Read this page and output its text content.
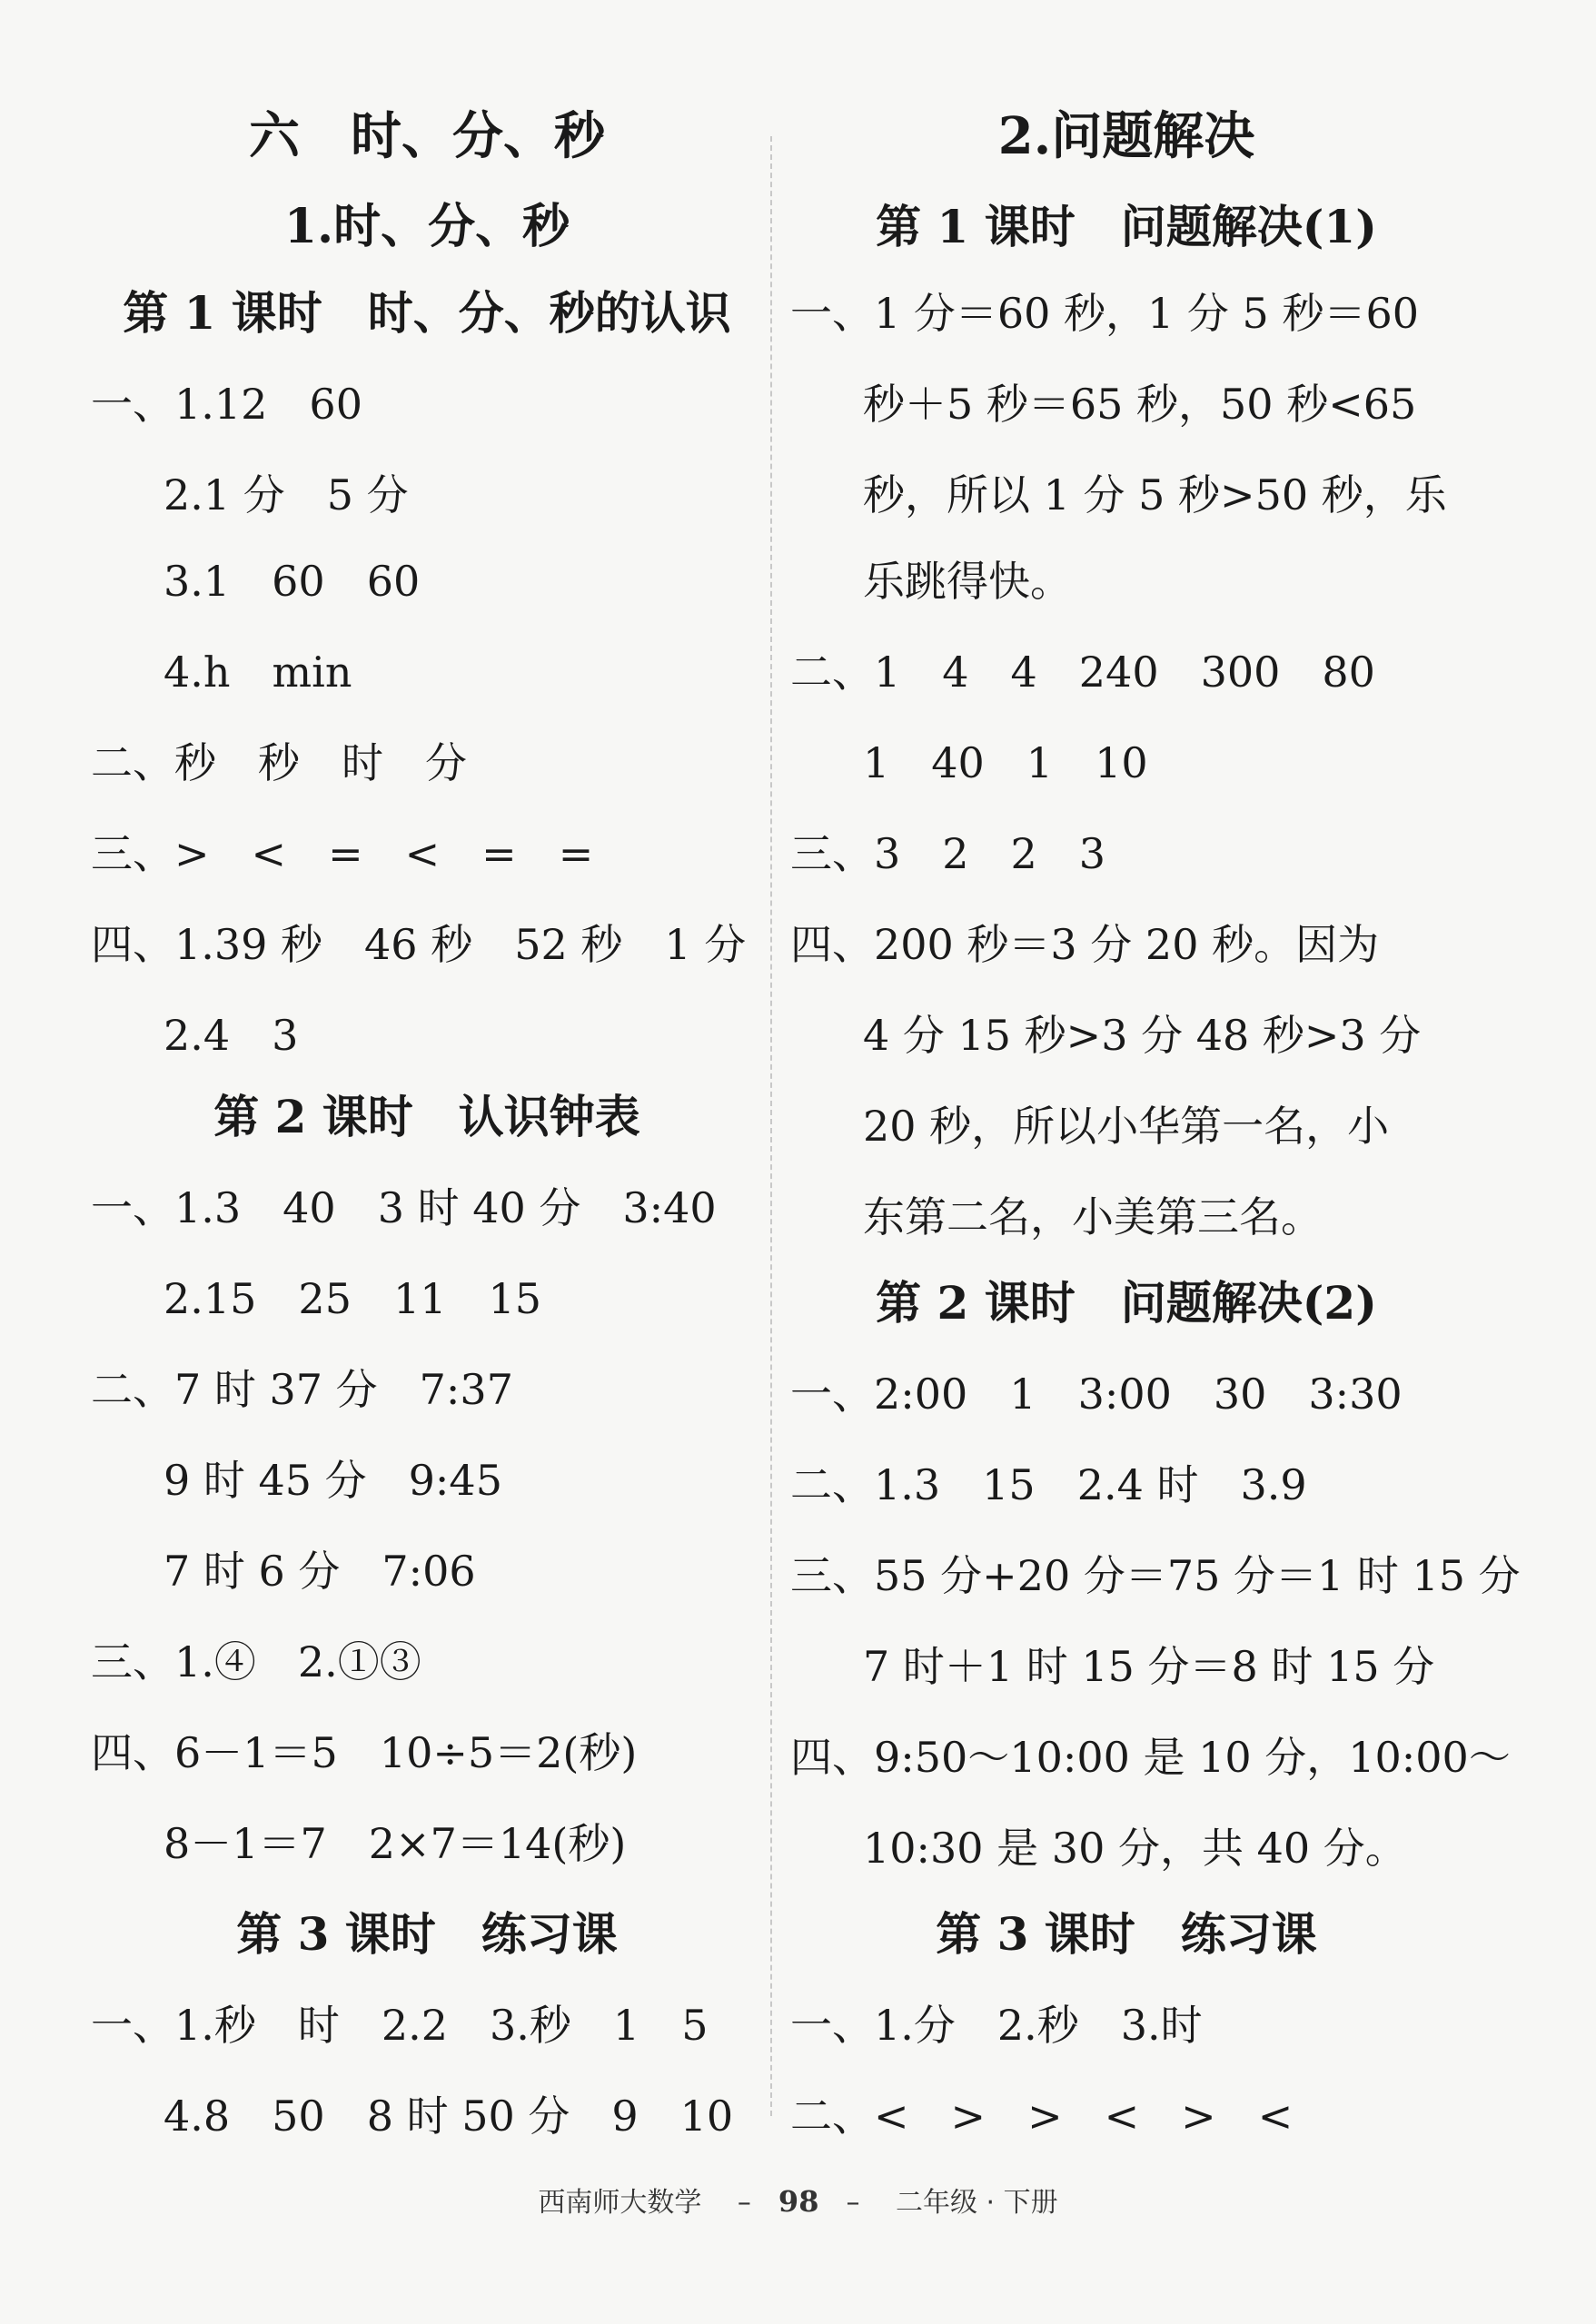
六　时、分、秒
1.时、分、秒
第 1 课时　时、分、秒的认识
一、1.12　60
2.1 分　5 分
3.1　60　60
4.h　min
二、秒　秒　时　分
三、>　<　=　<　=　=
四、1.39 秒　46 秒　52 秒　1 分
2.4　3
第 2 课时　认识钟表
一、1.3　40　3 时 40 分　3:40
2.15　25　11　15
二、7 时 37 分　7:37
9 时 45 分　9:45
7 时 6 分　7:06
三、1.④　2.①③
四、6－1＝5　10÷5＝2(秒)
8－1＝7　2×7＝14(秒)
第 3 课时　练习课
一、1.秒　时　2.2　3.秒　1　5
4.8　50　8 时 50 分　9　10
2.问题解决
第 1 课时　问题解决(1)
一、1 分＝60 秒，1 分 5 秒＝60
秒＋5 秒＝65 秒，50 秒<65
秒，所以 1 分 5 秒>50 秒，乐
乐跳得快。
二、1　4　4　240　300　80
1　40　1　10
三、3　2　2　3
四、200 秒＝3 分 20 秒。因为
4 分 15 秒>3 分 48 秒>3 分
20 秒，所以小华第一名，小
东第二名，小美第三名。
第 2 课时　问题解决(2)
一、2:00　1　3:00　30　3:30
二、1.3　15　2.4 时　3.9
三、55 分+20 分＝75 分＝1 时 15 分
7 时＋1 时 15 分＝8 时 15 分
四、9:50～10:00 是 10 分，10:00～
10:30 是 30 分，共 40 分。
第 3 课时　练习课
一、1.分　2.秒　3.时
二、<　>　>　<　>　<
西南师大数学 　–　98　–　 二年级 · 下册
